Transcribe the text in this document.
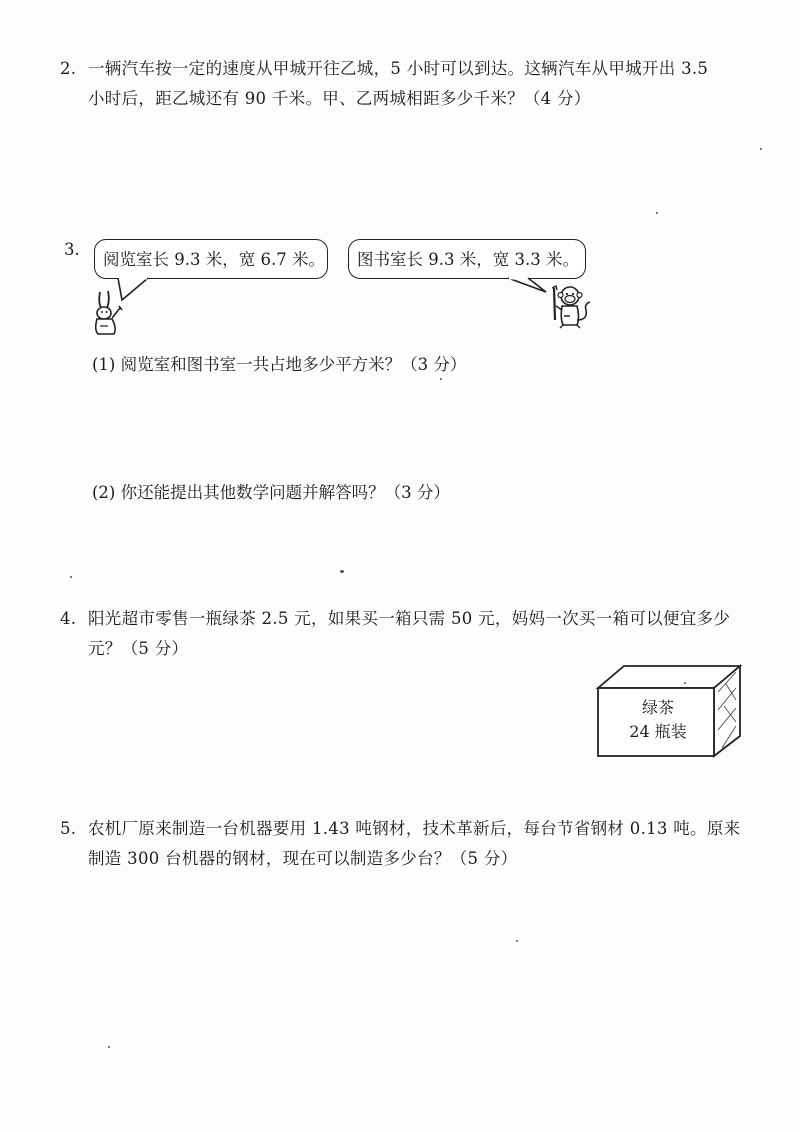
2. 一辆汽车按一定的速度从甲城开往乙城，5 小时可以到达。这辆汽车从甲城开出 3.5
小时后，距乙城还有 90 千米。甲、乙两城相距多少千米？（4 分）
3.
阅览室长 9.3 米，宽 6.7 米。	图书室长 9.3 米，宽 3.3 米。
(1) 阅览室和图书室一共占地多少平方米？（3 分）
(2) 你还能提出其他数学问题并解答吗？（3 分）
4. 阳光超市零售一瓶绿茶 2.5 元，如果买一箱只需 50 元，妈妈一次买一箱可以便宜多少
元？（5 分）
绿茶
24 瓶装
5. 农机厂原来制造一台机器要用 1.43 吨钢材，技术革新后，每台节省钢材 0.13 吨。原来
制造 300 台机器的钢材，现在可以制造多少台？（5 分）
